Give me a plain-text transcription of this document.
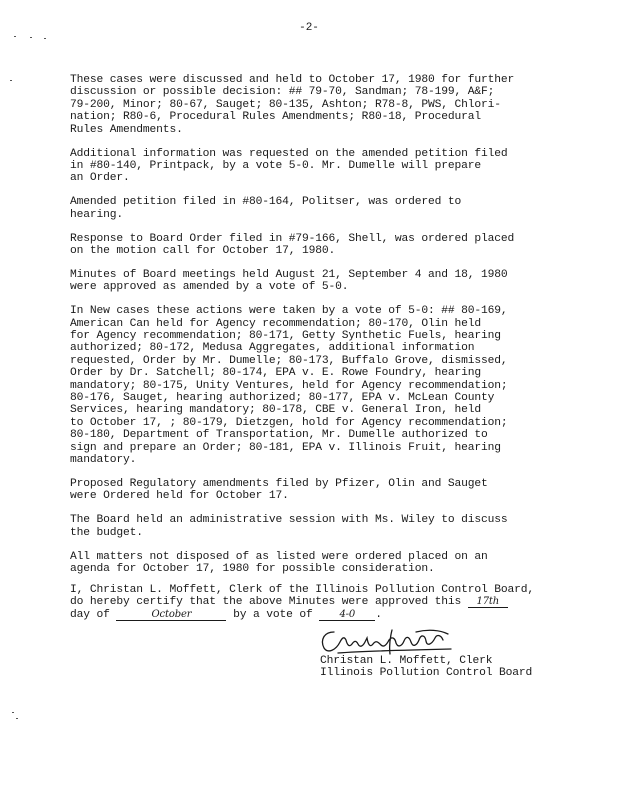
-2-

These cases were discussed and held to October 17, 1980 for further
discussion or possible decision: ## 79-70, Sandman; 78-199, A&F;
79-200, Minor; 80-67, Sauget; 80-135, Ashton; R78-8, PWS, Chlori-
nation; R80-6, Procedural Rules Amendments; R80-18, Procedural
Rules Amendments.

Additional information was requested on the amended petition filed
in #80-140, Printpack, by a vote 5-0. Mr. Dumelle will prepare
an Order.

Amended petition filed in #80-164, Politser, was ordered to
hearing.

Response to Board Order filed in #79-166, Shell, was ordered placed
on the motion call for October 17, 1980.

Minutes of Board meetings held August 21, September 4 and 18, 1980
were approved as amended by a vote of 5-0.

In New cases these actions were taken by a vote of 5-0: ## 80-169,
American Can held for Agency recommendation; 80-170, Olin held
for Agency recommendation; 80-171, Getty Synthetic Fuels, hearing
authorized; 80-172, Medusa Aggregates, additional information
requested, Order by Mr. Dumelle; 80-173, Buffalo Grove, dismissed,
Order by Dr. Satchell; 80-174, EPA v. E. Rowe Foundry, hearing
mandatory; 80-175, Unity Ventures, held for Agency recommendation;
80-176, Sauget, hearing authorized; 80-177, EPA v. McLean County
Services, hearing mandatory; 80-178, CBE v. General Iron, held
to October 17, ; 80-179, Dietzgen, hold for Agency recommendation;
80-180, Department of Transportation, Mr. Dumelle authorized to
sign and prepare an Order; 80-181, EPA v. Illinois Fruit, hearing
mandatory.

Proposed Regulatory amendments filed by Pfizer, Olin and Sauget
were Ordered held for October 17.

The Board held an administrative session with Ms. Wiley to discuss
the budget.

All matters not disposed of as listed were ordered placed on an
agenda for October 17, 1980 for possible consideration.

I, Christan L. Moffett, Clerk of the Illinois Pollution Control Board,
do hereby certify that the above Minutes were approved this 17th
day of	October	by a vote of	4-0 .
Christan L. Moffett, Clerk
Illinois Pollution Control Board
